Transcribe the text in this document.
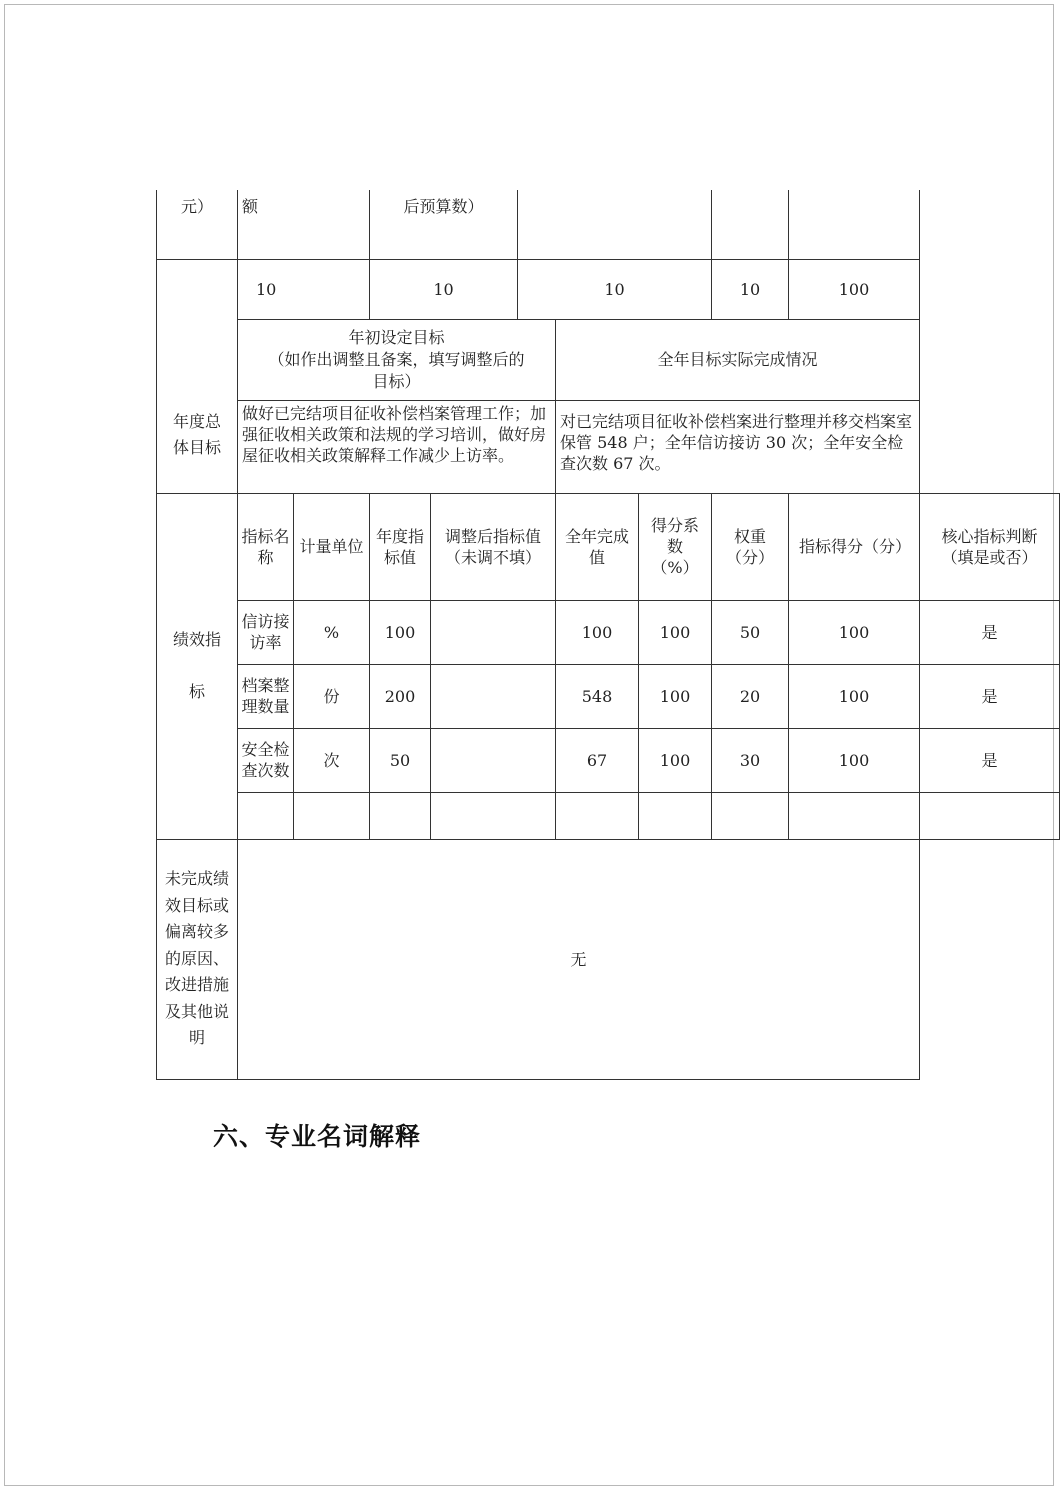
元）	额		后预算数）							

年度总
体目标	10		10		10			10	100	

	年初设定目标
（如作出调整且备案，填写调整后的
目标）					全年目标实际完成情况				
	做好已完结项目征收补偿档案管理工作；加强征收相关政策和法规的学习培训，做好房屋征收相关政策解释工作减少上访率。					对已完结项目征收补偿档案进行整理并移交档案室保管 548 户；全年信访接访 30 次；全年安全检查次数 67 次。				

绩效指
标	指标名称	计量单位	年度指标值	调整后指标值（未调不填）		全年完成值	得分系数（%）	权重（分）	指标得分（分）	核心指标判断（填是或否）
	信访接访率	%	100			100	100	50	100	是
	档案整理数量	份	200			548	100	20	100	是
	安全检查次数	次	50			67	100	30	100	是

未完成绩效目标或偏离较多的原因、改进措施及其他说明	无									
六、专业名词解释
